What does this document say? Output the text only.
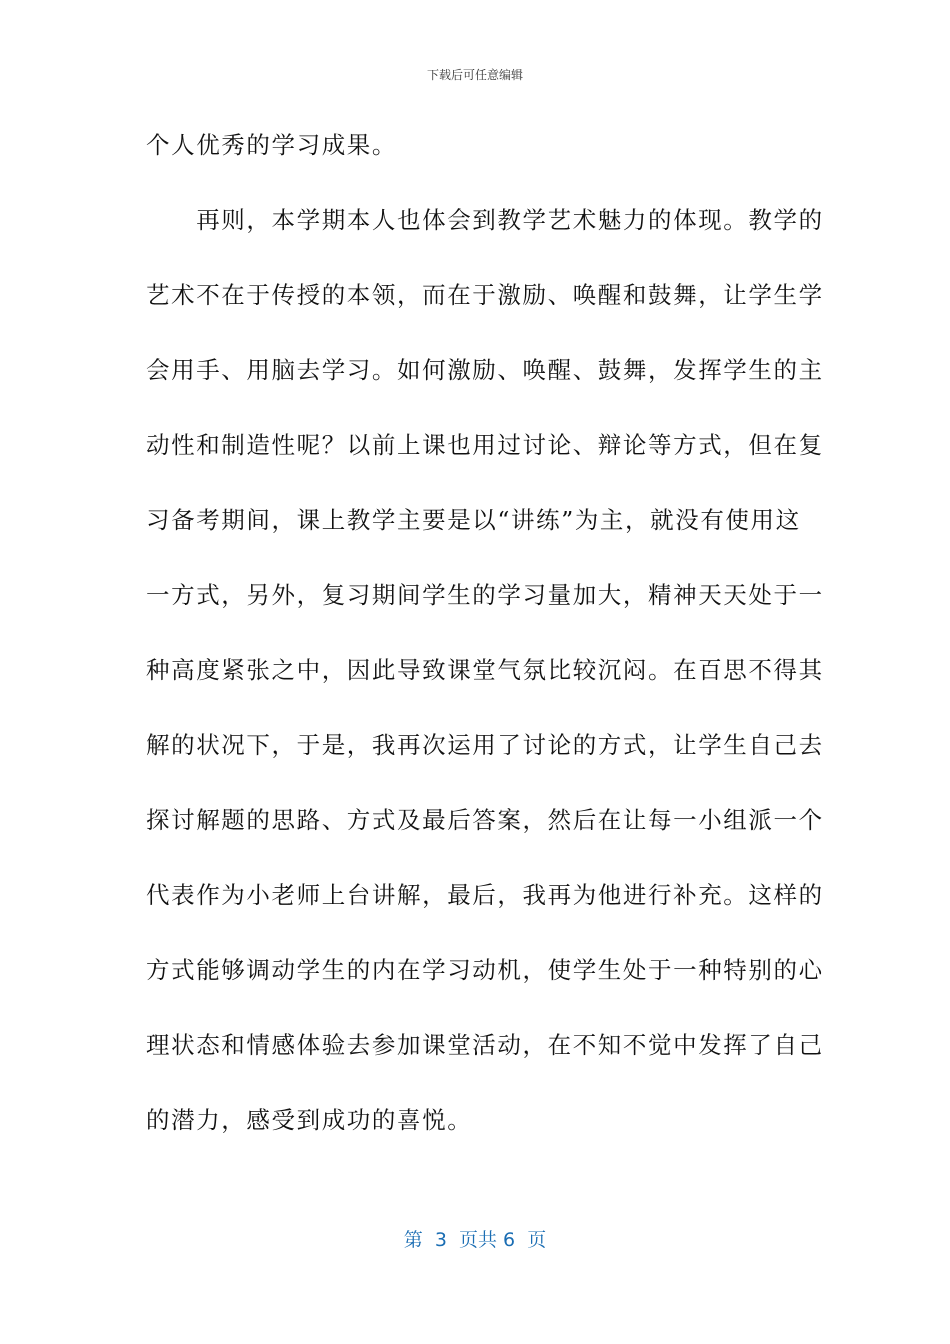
下载后可任意编辑
个人优秀的学习成果。
　　再则，本学期本人也体会到教学艺术魅力的体现。教学的
艺术不在于传授的本领，而在于激励、唤醒和鼓舞，让学生学
会用手、用脑去学习。如何激励、唤醒、鼓舞，发挥学生的主
动性和制造性呢？以前上课也用过讨论、辩论等方式，但在复
习备考期间，课上教学主要是以“讲练”为主，就没有使用这
一方式，另外，复习期间学生的学习量加大，精神天天处于一
种高度紧张之中，因此导致课堂气氛比较沉闷。在百思不得其
解的状况下，于是，我再次运用了讨论的方式，让学生自己去
探讨解题的思路、方式及最后答案，然后在让每一小组派一个
代表作为小老师上台讲解，最后，我再为他进行补充。这样的
方式能够调动学生的内在学习动机，使学生处于一种特别的心
理状态和情感体验去参加课堂活动，在不知不觉中发挥了自己
的潜力，感受到成功的喜悦。
第  3  页共 6  页
